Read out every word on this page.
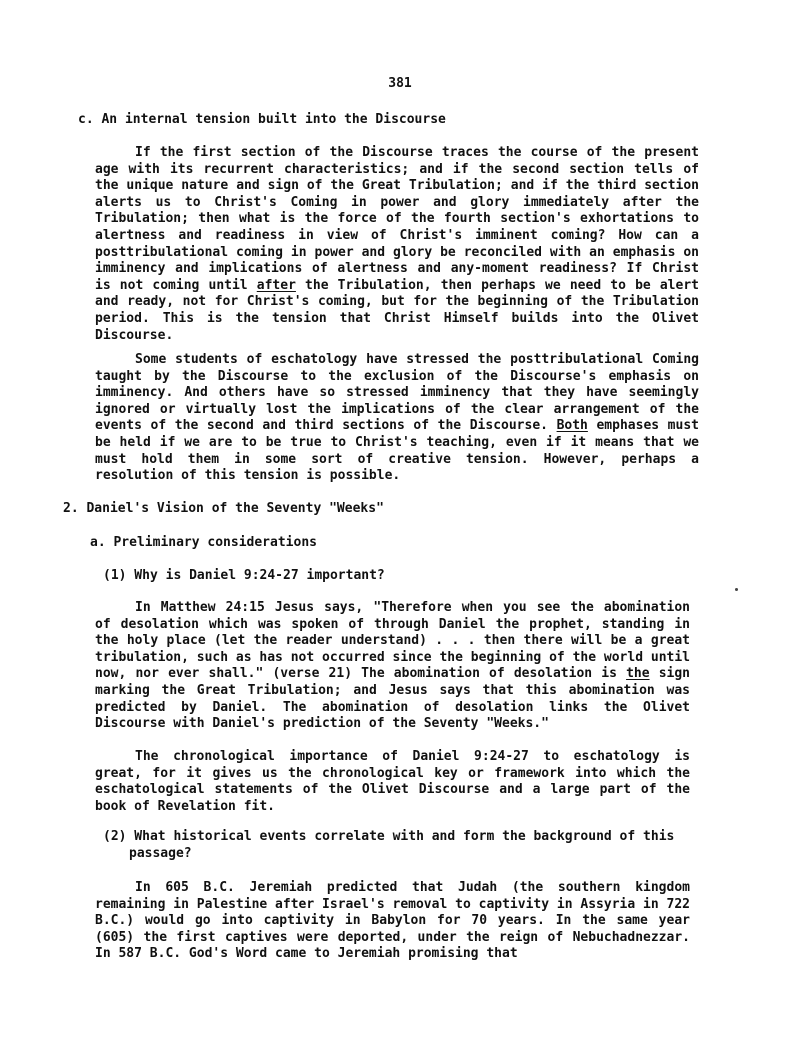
381
c. An internal tension built into the Discourse

If the first section of the Discourse traces the course of the present age with its recurrent characteristics; and if the second section tells of the unique nature and sign of the Great Tribulation; and if the third section alerts us to Christ's Coming in power and glory immediately after the Tribulation; then what is the force of the fourth section's exhortations to alertness and readiness in view of Christ's imminent coming? How can a posttribulational coming in power and glory be reconciled with an emphasis on imminency and implications of alertness and any-moment readiness? If Christ is not coming until after the Tribulation, then perhaps we need to be alert and ready, not for Christ's coming, but for the beginning of the Tribulation period. This is the tension that Christ Himself builds into the Olivet Discourse.

Some students of eschatology have stressed the posttribulational Coming taught by the Discourse to the exclusion of the Discourse's emphasis on imminency. And others have so stressed imminency that they have seemingly ignored or virtually lost the implications of the clear arrangement of the events of the second and third sections of the Discourse. Both emphases must be held if we are to be true to Christ's teaching, even if it means that we must hold them in some sort of creative tension. However, perhaps a resolution of this tension is possible.

2. Daniel's Vision of the Seventy "Weeks"
a. Preliminary considerations
(1) Why is Daniel 9:24-27 important?

In Matthew 24:15 Jesus says, "Therefore when you see the abomination of desolation which was spoken of through Daniel the prophet, standing in the holy place (let the reader understand) . . . then there will be a great tribulation, such as has not occurred since the beginning of the world until now, nor ever shall." (verse 21) The abomination of desolation is the sign marking the Great Tribulation; and Jesus says that this abomination was predicted by Daniel. The abomination of desolation links the Olivet Discourse with Daniel's prediction of the Seventy "Weeks."

The chronological importance of Daniel 9:24-27 to eschatology is great, for it gives us the chronological key or framework into which the eschatological statements of the Olivet Discourse and a large part of the book of Revelation fit.

(2) What historical events correlate with and form the background of this passage?

In 605 B.C. Jeremiah predicted that Judah (the southern kingdom remaining in Palestine after Israel's removal to captivity in Assyria in 722 B.C.) would go into captivity in Babylon for 70 years. In the same year (605) the first captives were deported, under the reign of Nebuchadnezzar. In 587 B.C. God's Word came to Jeremiah promising that
